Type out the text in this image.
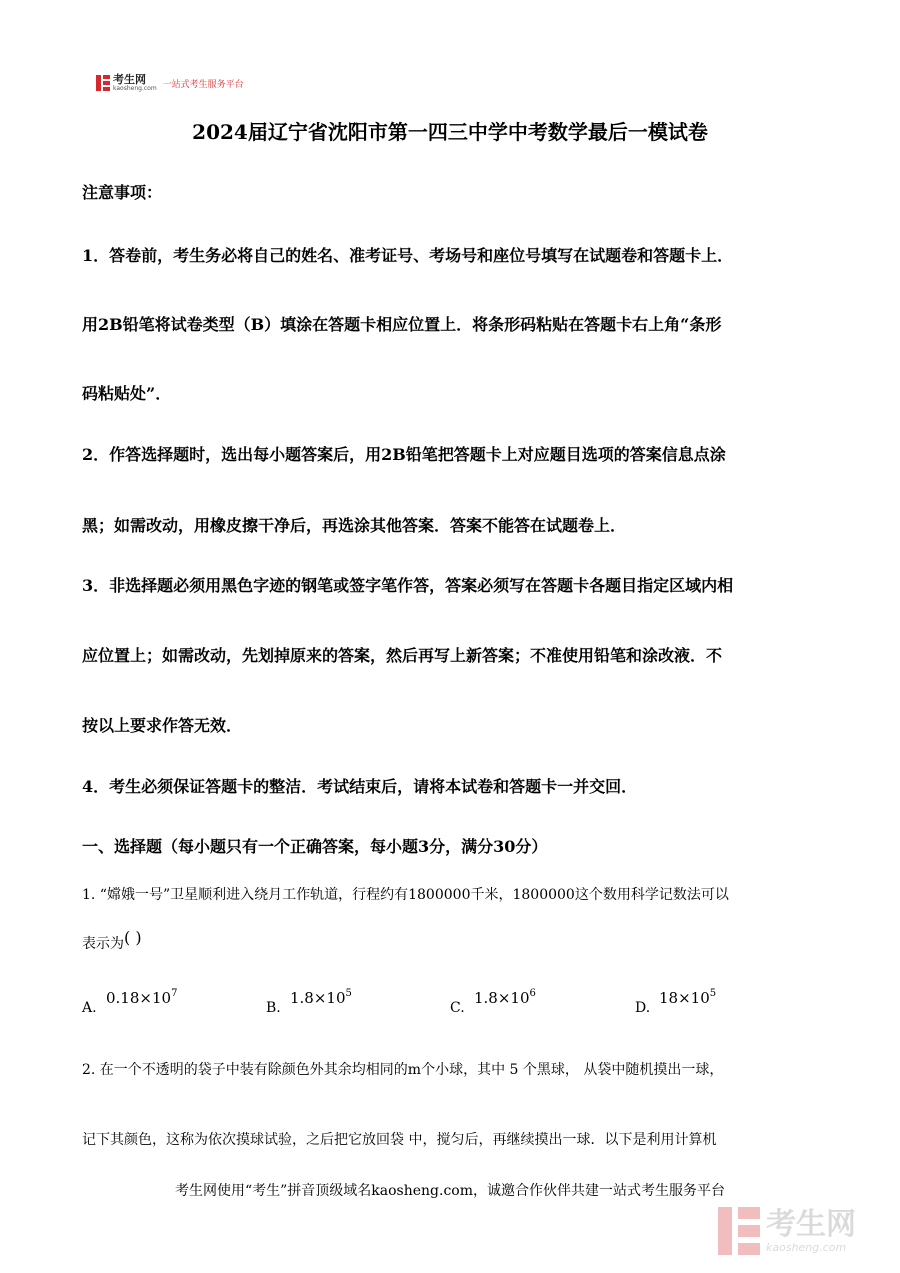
考生网
kaosheng.com 一站式考生服务平台
2024届辽宁省沈阳市第一四三中学中考数学最后一模试卷
注意事项：
1．答卷前，考生务必将自己的姓名、准考证号、考场号和座位号填写在试题卷和答题卡上．
用2B铅笔将试卷类型（B）填涂在答题卡相应位置上．将条形码粘贴在答题卡右上角“条形
码粘贴处”．
2．作答选择题时，选出每小题答案后，用2B铅笔把答题卡上对应题目选项的答案信息点涂
黑；如需改动，用橡皮擦干净后，再选涂其他答案．答案不能答在试题卷上．
3．非选择题必须用黑色字迹的钢笔或签字笔作答，答案必须写在答题卡各题目指定区域内相
应位置上；如需改动，先划掉原来的答案，然后再写上新答案；不准使用铅笔和涂改液．不
按以上要求作答无效．
4．考生必须保证答题卡的整洁．考试结束后，请将本试卷和答题卡一并交回．
一、选择题（每小题只有一个正确答案，每小题3分，满分30分）
1. “嫦娥一号”卫星顺利进入绕月工作轨道，行程约有1800000千米，1800000这个数用科学记数法可以
表示为( )
A.
$0.18\times 10^7$
B.
$1.8\times 10^5$
C.
$1.8\times 10^6$
D.
$18\times 10^5$
2. 在一个不透明的袋子中装有除颜色外其余均相同的m个小球，其中 5 个黑球， 从袋中随机摸出一球，
记下其颜色，这称为依次摸球试验，之后把它放回袋 中，搅匀后，再继续摸出一球．以下是利用计算机
考生网使用“考生”拼音顶级域名kaosheng.com，诚邀合作伙伴共建一站式考生服务平台
考生网
kaosheng.com
